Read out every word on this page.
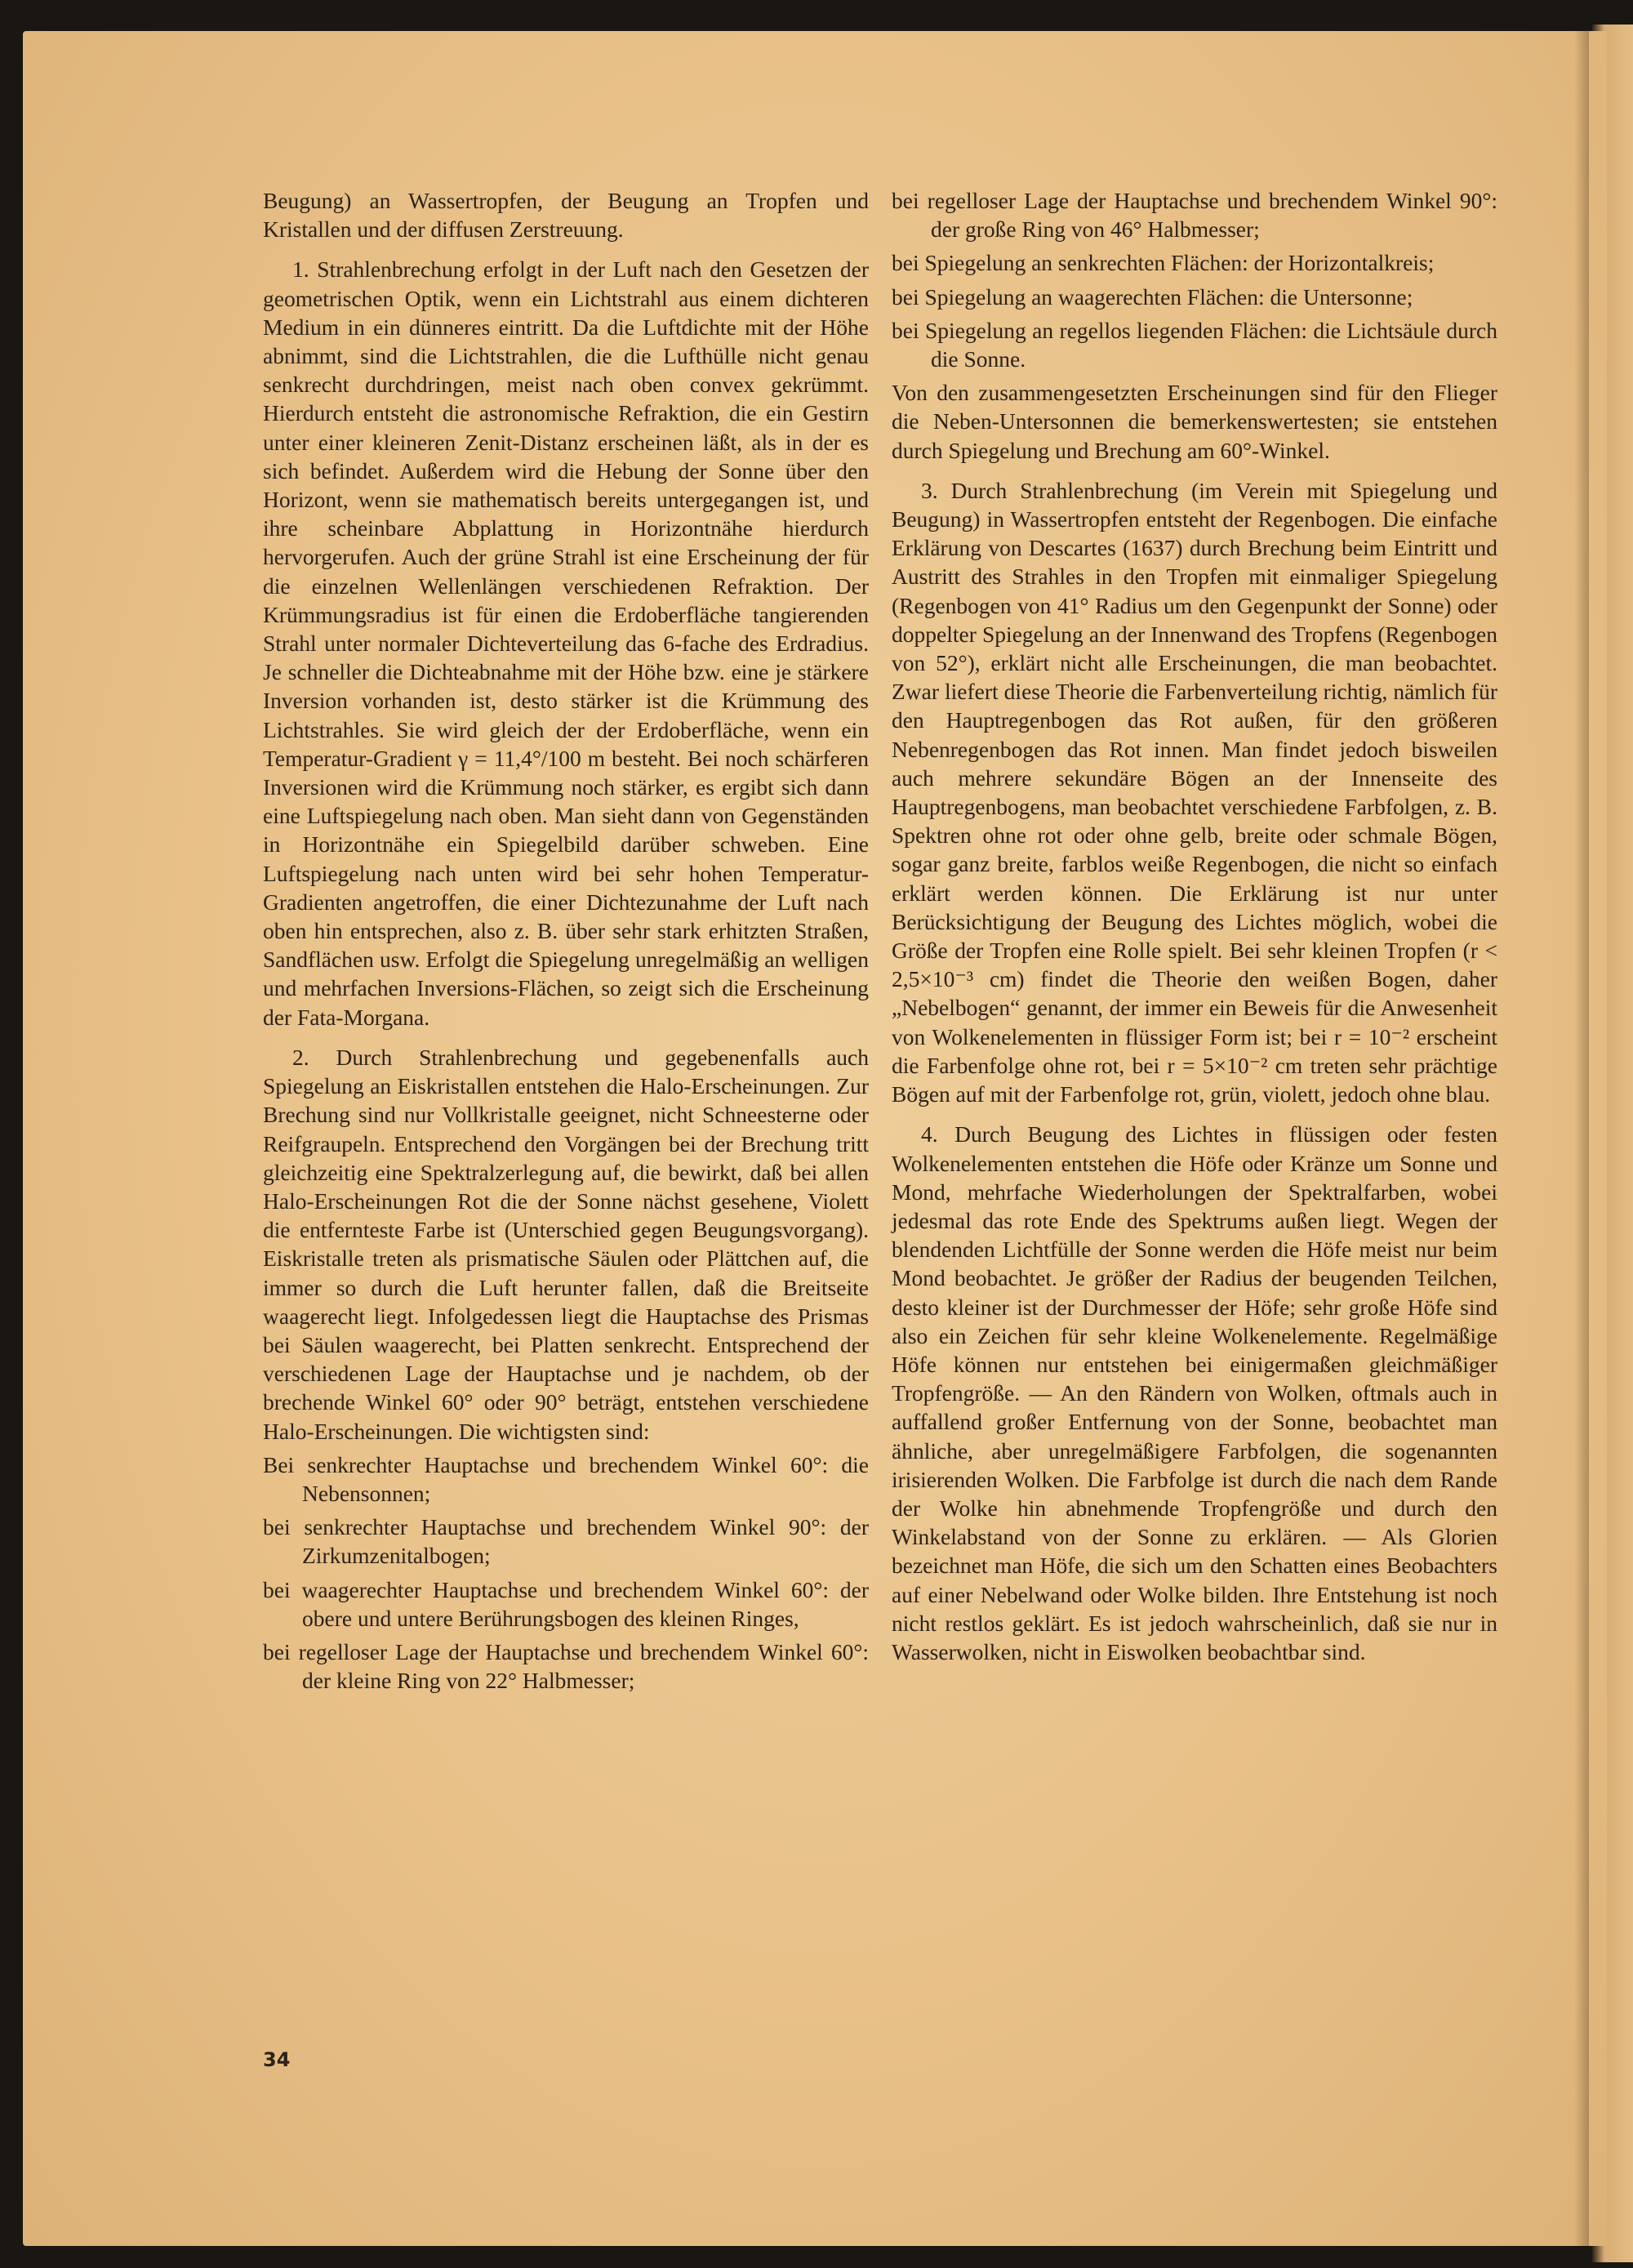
Beugung) an Wassertropfen, der Beugung an Tropfen und Kristallen und der diffusen Zerstreuung.

1. Strahlenbrechung erfolgt in der Luft nach den Gesetzen der geometrischen Optik, wenn ein Lichtstrahl aus einem dichteren Medium in ein dünneres eintritt. Da die Luftdichte mit der Höhe abnimmt, sind die Lichtstrahlen, die die Lufthülle nicht genau senkrecht durchdringen, meist nach oben convex gekrümmt. Hierdurch entsteht die astronomische Refraktion, die ein Gestirn unter einer kleineren Zenit-Distanz erscheinen läßt, als in der es sich befindet. Außerdem wird die Hebung der Sonne über den Horizont, wenn sie mathematisch bereits untergegangen ist, und ihre scheinbare Abplattung in Horizontnähe hierdurch hervorgerufen. Auch der grüne Strahl ist eine Erscheinung der für die einzelnen Wellenlängen verschiedenen Refraktion. Der Krümmungsradius ist für einen die Erdoberfläche tangierenden Strahl unter normaler Dichteverteilung das 6-fache des Erdradius. Je schneller die Dichteabnahme mit der Höhe bzw. eine je stärkere Inversion vorhanden ist, desto stärker ist die Krümmung des Lichtstrahles. Sie wird gleich der der Erdoberfläche, wenn ein Temperatur-Gradient γ = 11,4°/100 m besteht. Bei noch schärferen Inversionen wird die Krümmung noch stärker, es ergibt sich dann eine Luftspiegelung nach oben. Man sieht dann von Gegenständen in Horizontnähe ein Spiegelbild darüber schweben. Eine Luftspiegelung nach unten wird bei sehr hohen Temperatur-Gradienten angetroffen, die einer Dichtezunahme der Luft nach oben hin entsprechen, also z. B. über sehr stark erhitzten Straßen, Sandflächen usw. Erfolgt die Spiegelung unregelmäßig an welligen und mehrfachen Inversions-Flächen, so zeigt sich die Erscheinung der Fata-Morgana.

2. Durch Strahlenbrechung und gegebenenfalls auch Spiegelung an Eiskristallen entstehen die Halo-Erscheinungen. Zur Brechung sind nur Vollkristalle geeignet, nicht Schneesterne oder Reifgraupeln. Entsprechend den Vorgängen bei der Brechung tritt gleichzeitig eine Spektralzerlegung auf, die bewirkt, daß bei allen Halo-Erscheinungen Rot die der Sonne nächst gesehene, Violett die entfernteste Farbe ist (Unterschied gegen Beugungsvorgang). Eiskristalle treten als prismatische Säulen oder Plättchen auf, die immer so durch die Luft herunter fallen, daß die Breitseite waagerecht liegt. Infolgedessen liegt die Hauptachse des Prismas bei Säulen waagerecht, bei Platten senkrecht. Entsprechend der verschiedenen Lage der Hauptachse und je nachdem, ob der brechende Winkel 60° oder 90° beträgt, entstehen verschiedene Halo-Erscheinungen. Die wichtigsten sind:

Bei senkrechter Hauptachse und brechendem Winkel 60°: die Nebensonnen;

bei senkrechter Hauptachse und brechendem Winkel 90°: der Zirkumzenitalbogen;

bei waagerechter Hauptachse und brechendem Winkel 60°: der obere und untere Berührungsbogen des kleinen Ringes,

bei regelloser Lage der Hauptachse und brechendem Winkel 60°: der kleine Ring von 22° Halbmesser;

bei regelloser Lage der Hauptachse und brechendem Winkel 90°: der große Ring von 46° Halbmesser;

bei Spiegelung an senkrechten Flächen: der Horizontalkreis;

bei Spiegelung an waagerechten Flächen: die Untersonne;

bei Spiegelung an regellos liegenden Flächen: die Lichtsäule durch die Sonne.

Von den zusammengesetzten Erscheinungen sind für den Flieger die Neben-Untersonnen die bemerkenswertesten; sie entstehen durch Spiegelung und Brechung am 60°-Winkel.

3. Durch Strahlenbrechung (im Verein mit Spiegelung und Beugung) in Wassertropfen entsteht der Regenbogen. Die einfache Erklärung von Descartes (1637) durch Brechung beim Eintritt und Austritt des Strahles in den Tropfen mit einmaliger Spiegelung (Regenbogen von 41° Radius um den Gegenpunkt der Sonne) oder doppelter Spiegelung an der Innenwand des Tropfens (Regenbogen von 52°), erklärt nicht alle Erscheinungen, die man beobachtet. Zwar liefert diese Theorie die Farbenverteilung richtig, nämlich für den Hauptregenbogen das Rot außen, für den größeren Nebenregenbogen das Rot innen. Man findet jedoch bisweilen auch mehrere sekundäre Bögen an der Innenseite des Hauptregenbogens, man beobachtet verschiedene Farbfolgen, z. B. Spektren ohne rot oder ohne gelb, breite oder schmale Bögen, sogar ganz breite, farblos weiße Regenbogen, die nicht so einfach erklärt werden können. Die Erklärung ist nur unter Berücksichtigung der Beugung des Lichtes möglich, wobei die Größe der Tropfen eine Rolle spielt. Bei sehr kleinen Tropfen (r < 2,5×10⁻³ cm) findet die Theorie den weißen Bogen, daher „Nebelbogen“ genannt, der immer ein Beweis für die Anwesenheit von Wolkenelementen in flüssiger Form ist; bei r = 10⁻² erscheint die Farbenfolge ohne rot, bei r = 5×10⁻² cm treten sehr prächtige Bögen auf mit der Farbenfolge rot, grün, violett, jedoch ohne blau.

4. Durch Beugung des Lichtes in flüssigen oder festen Wolkenelementen entstehen die Höfe oder Kränze um Sonne und Mond, mehrfache Wiederholungen der Spektralfarben, wobei jedesmal das rote Ende des Spektrums außen liegt. Wegen der blendenden Lichtfülle der Sonne werden die Höfe meist nur beim Mond beobachtet. Je größer der Radius der beugenden Teilchen, desto kleiner ist der Durchmesser der Höfe; sehr große Höfe sind also ein Zeichen für sehr kleine Wolkenelemente. Regelmäßige Höfe können nur entstehen bei einigermaßen gleichmäßiger Tropfengröße. — An den Rändern von Wolken, oftmals auch in auffallend großer Entfernung von der Sonne, beobachtet man ähnliche, aber unregelmäßigere Farbfolgen, die sogenannten irisierenden Wolken. Die Farbfolge ist durch die nach dem Rande der Wolke hin abnehmende Tropfengröße und durch den Winkelabstand von der Sonne zu erklären. — Als Glorien bezeichnet man Höfe, die sich um den Schatten eines Beobachters auf einer Nebelwand oder Wolke bilden. Ihre Entstehung ist noch nicht restlos geklärt. Es ist jedoch wahrscheinlich, daß sie nur in Wasserwolken, nicht in Eiswolken beobachtbar sind.

34
